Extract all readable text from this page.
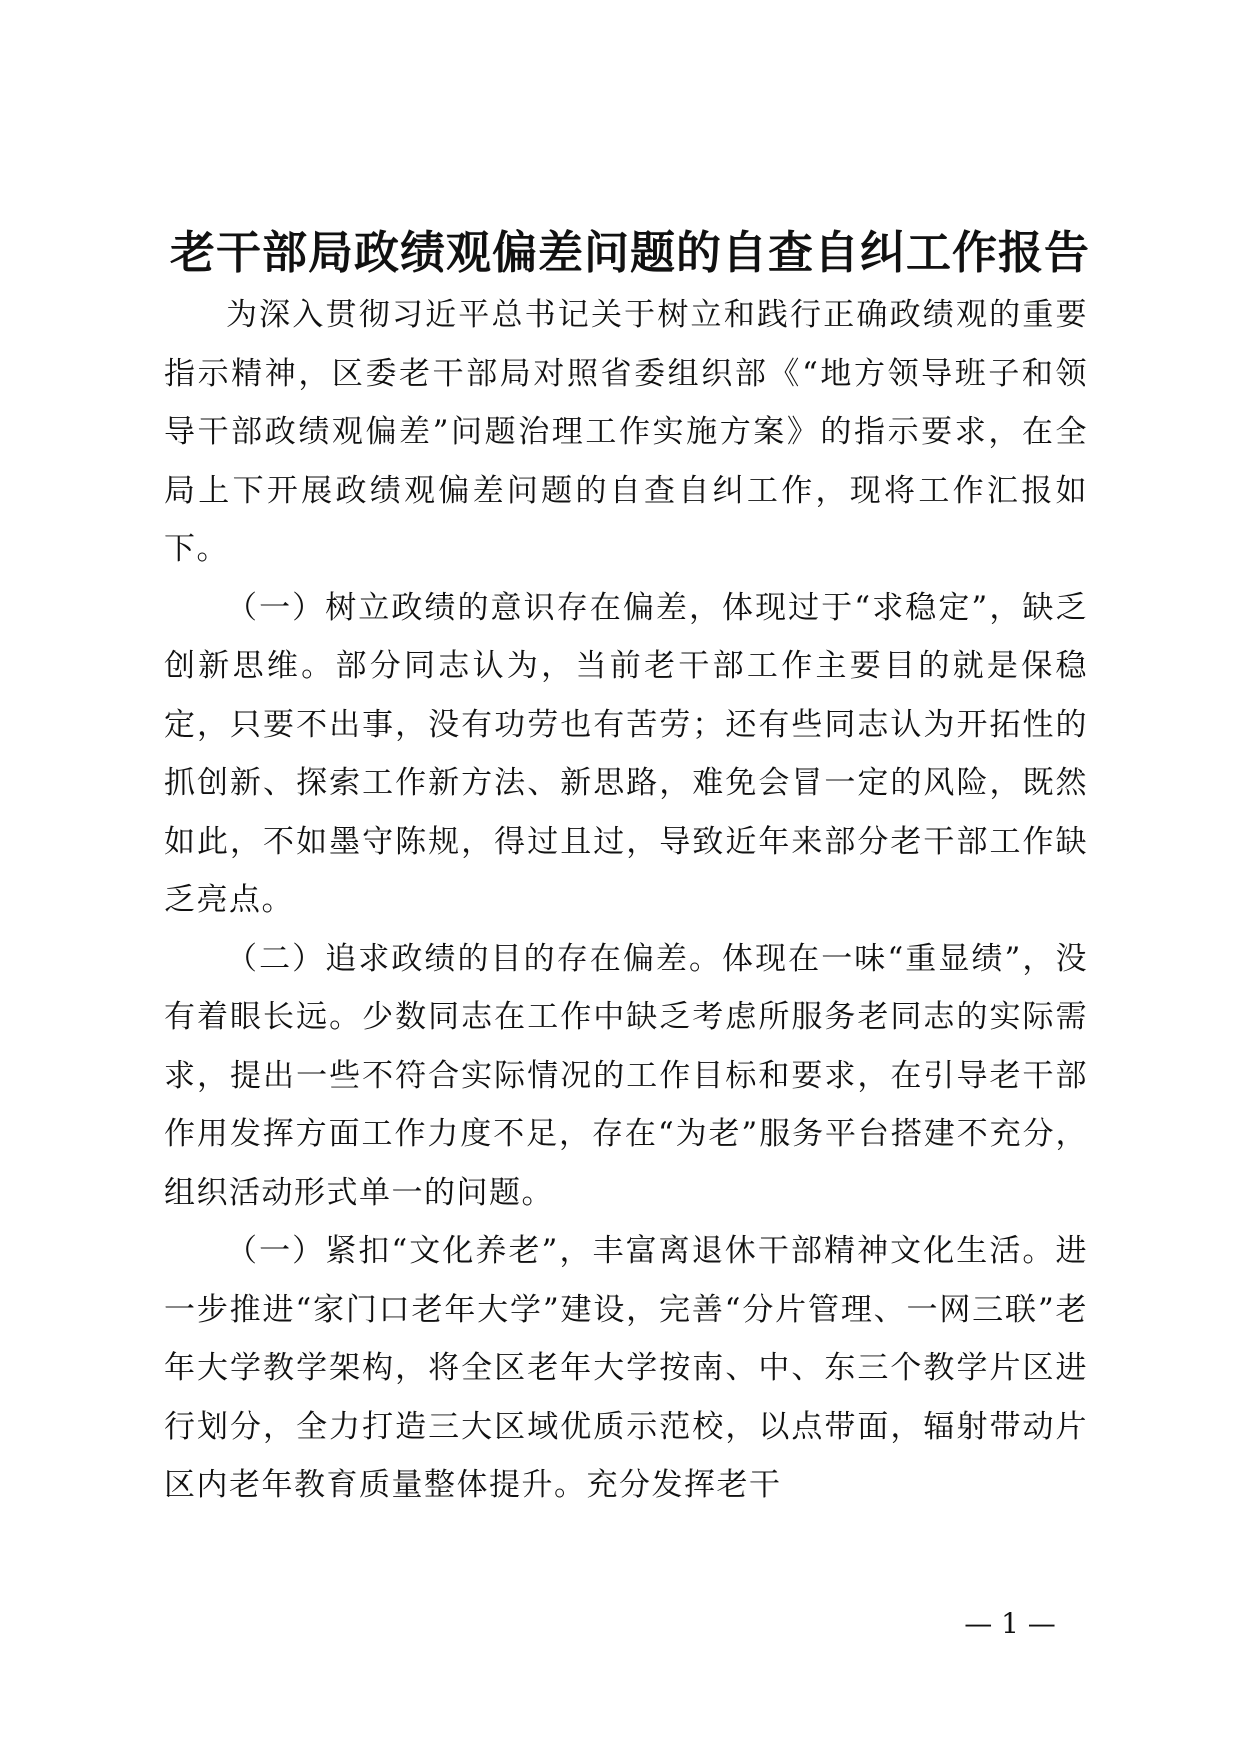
老干部局政绩观偏差问题的自查自纠工作报告

为深入贯彻习近平总书记关于树立和践行正确政绩观的重要指示精神，区委老干部局对照省委组织部《“地方领导班子和领导干部政绩观偏差”问题治理工作实施方案》的指示要求，在全局上下开展政绩观偏差问题的自查自纠工作，现将工作汇报如下。

（一）树立政绩的意识存在偏差，体现过于“求稳定”，缺乏创新思维。部分同志认为，当前老干部工作主要目的就是保稳定，只要不出事，没有功劳也有苦劳；还有些同志认为开拓性的抓创新、探索工作新方法、新思路，难免会冒一定的风险，既然如此，不如墨守陈规，得过且过，导致近年来部分老干部工作缺乏亮点。

（二）追求政绩的目的存在偏差。体现在一味“重显绩”，没有着眼长远。少数同志在工作中缺乏考虑所服务老同志的实际需求，提出一些不符合实际情况的工作目标和要求，在引导老干部作用发挥方面工作力度不足，存在“为老”服务平台搭建不充分，组织活动形式单一的问题。

（一）紧扣“文化养老”，丰富离退休干部精神文化生活。进一步推进“家门口老年大学”建设，完善“分片管理、一网三联”老年大学教学架构，将全区老年大学按南、中、东三个教学片区进行划分，全力打造三大区域优质示范校，以点带面，辐射带动片区内老年教育质量整体提升。充分发挥老干

— 1 —
